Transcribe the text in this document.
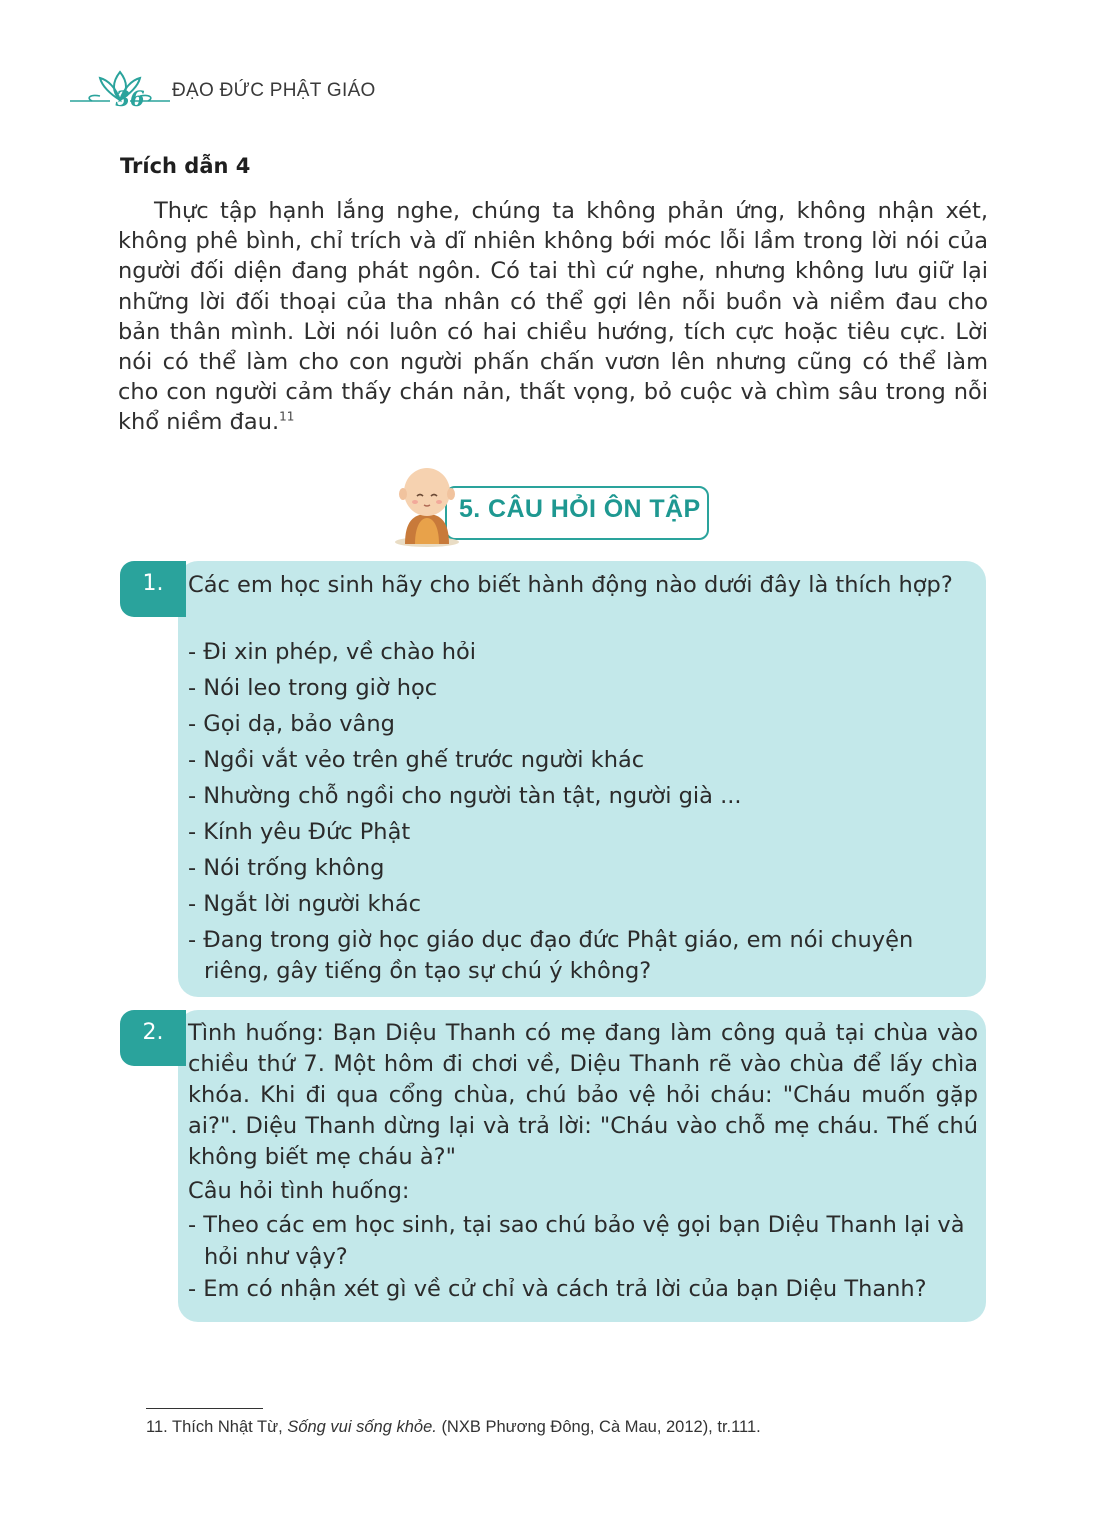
36 ĐẠO ĐỨC PHẬT GIÁO
Trích dẫn 4

Thực tập hạnh lắng nghe, chúng ta không phản ứng, không nhận xét, không phê bình, chỉ trích và dĩ nhiên không bới móc lỗi lầm trong lời nói của người đối diện đang phát ngôn. Có tai thì cứ nghe, nhưng không lưu giữ lại những lời đối thoại của tha nhân có thể gợi lên nỗi buồn và niềm đau cho bản thân mình. Lời nói luôn có hai chiều hướng, tích cực hoặc tiêu cực. Lời nói có thể làm cho con người phấn chấn vươn lên nhưng cũng có thể làm cho con người cảm thấy chán nản, thất vọng, bỏ cuộc và chìm sâu trong nỗi khổ niềm đau.$^{11}$

5. CÂU HỎI ÔN TẬP
1.	Các em học sinh hãy cho biết hành động nào dưới đây là thích hợp?

- Đi xin phép, về chào hỏi
- Nói leo trong giờ học
- Gọi dạ, bảo vâng
- Ngồi vắt vẻo trên ghế trước người khác
- Nhường chỗ ngồi cho người tàn tật, người già ...
- Kính yêu Đức Phật
- Nói trống không
- Ngắt lời người khác
- Đang trong giờ học giáo dục đạo đức Phật giáo, em nói chuyện riêng, gây tiếng ồn tạo sự chú ý không?
2.	Tình huống: Bạn Diệu Thanh có mẹ đang làm công quả tại chùa vào chiều thứ 7. Một hôm đi chơi về, Diệu Thanh rẽ vào chùa để lấy chìa khóa. Khi đi qua cổng chùa, chú bảo vệ hỏi cháu: "Cháu muốn gặp ai?". Diệu Thanh dừng lại và trả lời: "Cháu vào chỗ mẹ cháu. Thế chú không biết mẹ cháu à?"

Câu hỏi tình huống:

- Theo các em học sinh, tại sao chú bảo vệ gọi bạn Diệu Thanh lại và hỏi như vậy?
- Em có nhận xét gì về cử chỉ và cách trả lời của bạn Diệu Thanh?
11. Thích Nhật Từ, Sống vui sống khỏe. (NXB Phương Đông, Cà Mau, 2012), tr.111.
